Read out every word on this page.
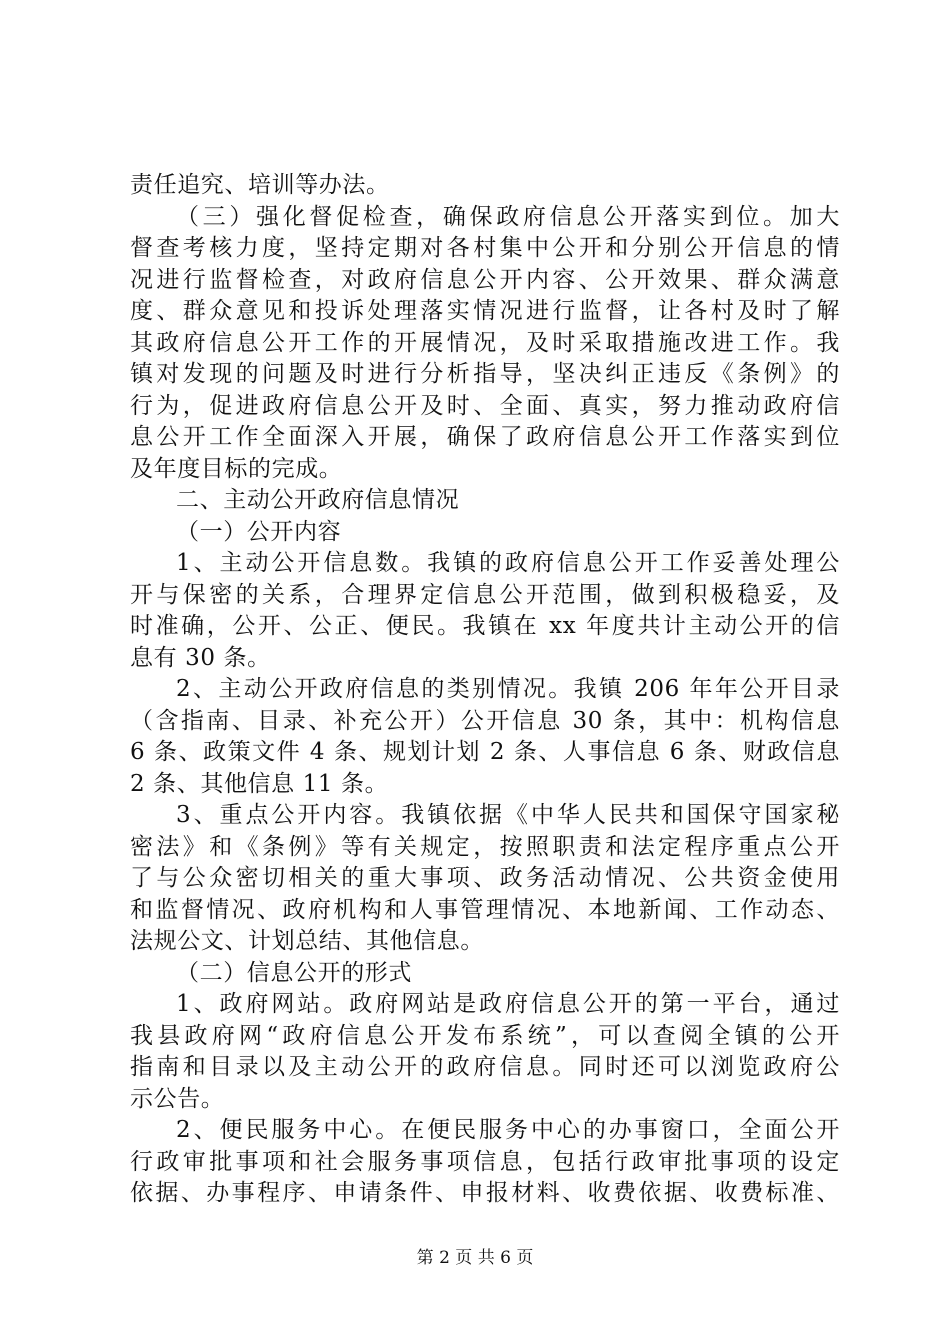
责任追究、培训等办法。
（三）强化督促检查，确保政府信息公开落实到位。加大
督查考核力度，坚持定期对各村集中公开和分别公开信息的情
况进行监督检查，对政府信息公开内容、公开效果、群众满意
度、群众意见和投诉处理落实情况进行监督，让各村及时了解
其政府信息公开工作的开展情况，及时采取措施改进工作。我
镇对发现的问题及时进行分析指导，坚决纠正违反《条例》的
行为，促进政府信息公开及时、全面、真实，努力推动政府信
息公开工作全面深入开展，确保了政府信息公开工作落实到位
及年度目标的完成。
二、主动公开政府信息情况
（一）公开内容
1、主动公开信息数。我镇的政府信息公开工作妥善处理公
开与保密的关系，合理界定信息公开范围，做到积极稳妥，及
时准确，公开、公正、便民。我镇在 xx 年度共计主动公开的信
息有 30 条。
2、主动公开政府信息的类别情况。我镇 206 年年公开目录
（含指南、目录、补充公开）公开信息 30 条，其中：机构信息
6 条、政策文件 4 条、规划计划 2 条、人事信息 6 条、财政信息
2 条、其他信息 11 条。
3、重点公开内容。我镇依据《中华人民共和国保守国家秘
密法》和《条例》等有关规定，按照职责和法定程序重点公开
了与公众密切相关的重大事项、政务活动情况、公共资金使用
和监督情况、政府机构和人事管理情况、本地新闻、工作动态、
法规公文、计划总结、其他信息。
（二）信息公开的形式
1、政府网站。政府网站是政府信息公开的第一平台，通过
我县政府网“政府信息公开发布系统”，可以查阅全镇的公开
指南和目录以及主动公开的政府信息。同时还可以浏览政府公
示公告。
2、便民服务中心。在便民服务中心的办事窗口，全面公开
行政审批事项和社会服务事项信息，包括行政审批事项的设定
依据、办事程序、申请条件、申报材料、收费依据、收费标准、
第 2 页 共 6 页
